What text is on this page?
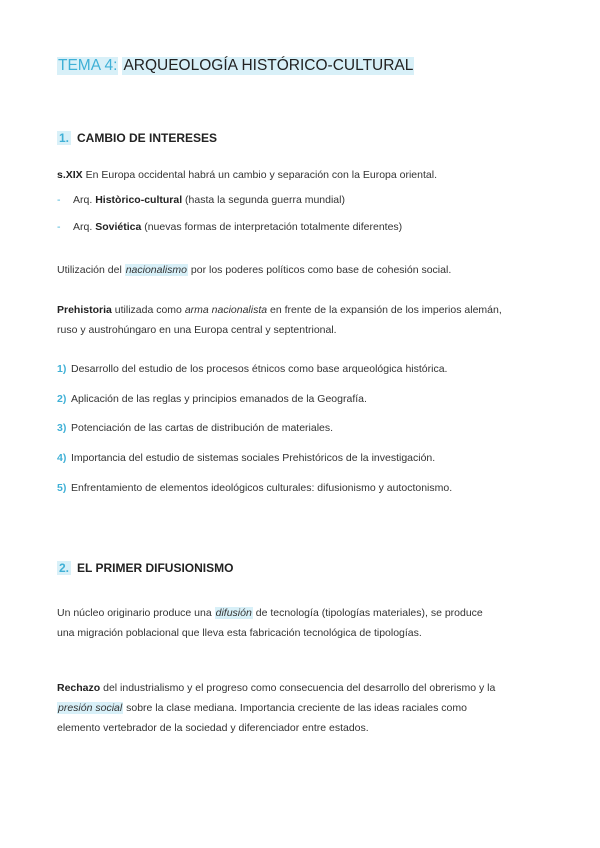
TEMA 4: ARQUEOLOGÍA HISTÓRICO-CULTURAL
1. CAMBIO DE INTERESES
s.XIX En Europa occidental habrá un cambio y separación con la Europa oriental.
- Arq. Històrico-cultural (hasta la segunda guerra mundial)
- Arq. Soviética (nuevas formas de interpretación totalmente diferentes)
Utilización del nacionalismo por los poderes políticos como base de cohesión social.
Prehistoria utilizada como arma nacionalista en frente de la expansión de los imperios alemán,
ruso y austrohúngaro en una Europa central y septentrional.
1) Desarrollo del estudio de los procesos étnicos como base arqueológica histórica.
2) Aplicación de las reglas y principios emanados de la Geografía.
3) Potenciación de las cartas de distribución de materiales.
4) Importancia del estudio de sistemas sociales Prehistóricos de la investigación.
5) Enfrentamiento de elementos ideológicos culturales: difusionismo y autoctonismo.
2. EL PRIMER DIFUSIONISMO
Un núcleo originario produce una difusión de tecnología (tipologías materiales), se produce
una migración poblacional que lleva esta fabricación tecnológica de tipologías.
Rechazo del industrialismo y el progreso como consecuencia del desarrollo del obrerismo y la
presión social sobre la clase mediana. Importancia creciente de las ideas raciales como
elemento vertebrador de la sociedad y diferenciador entre estados.
